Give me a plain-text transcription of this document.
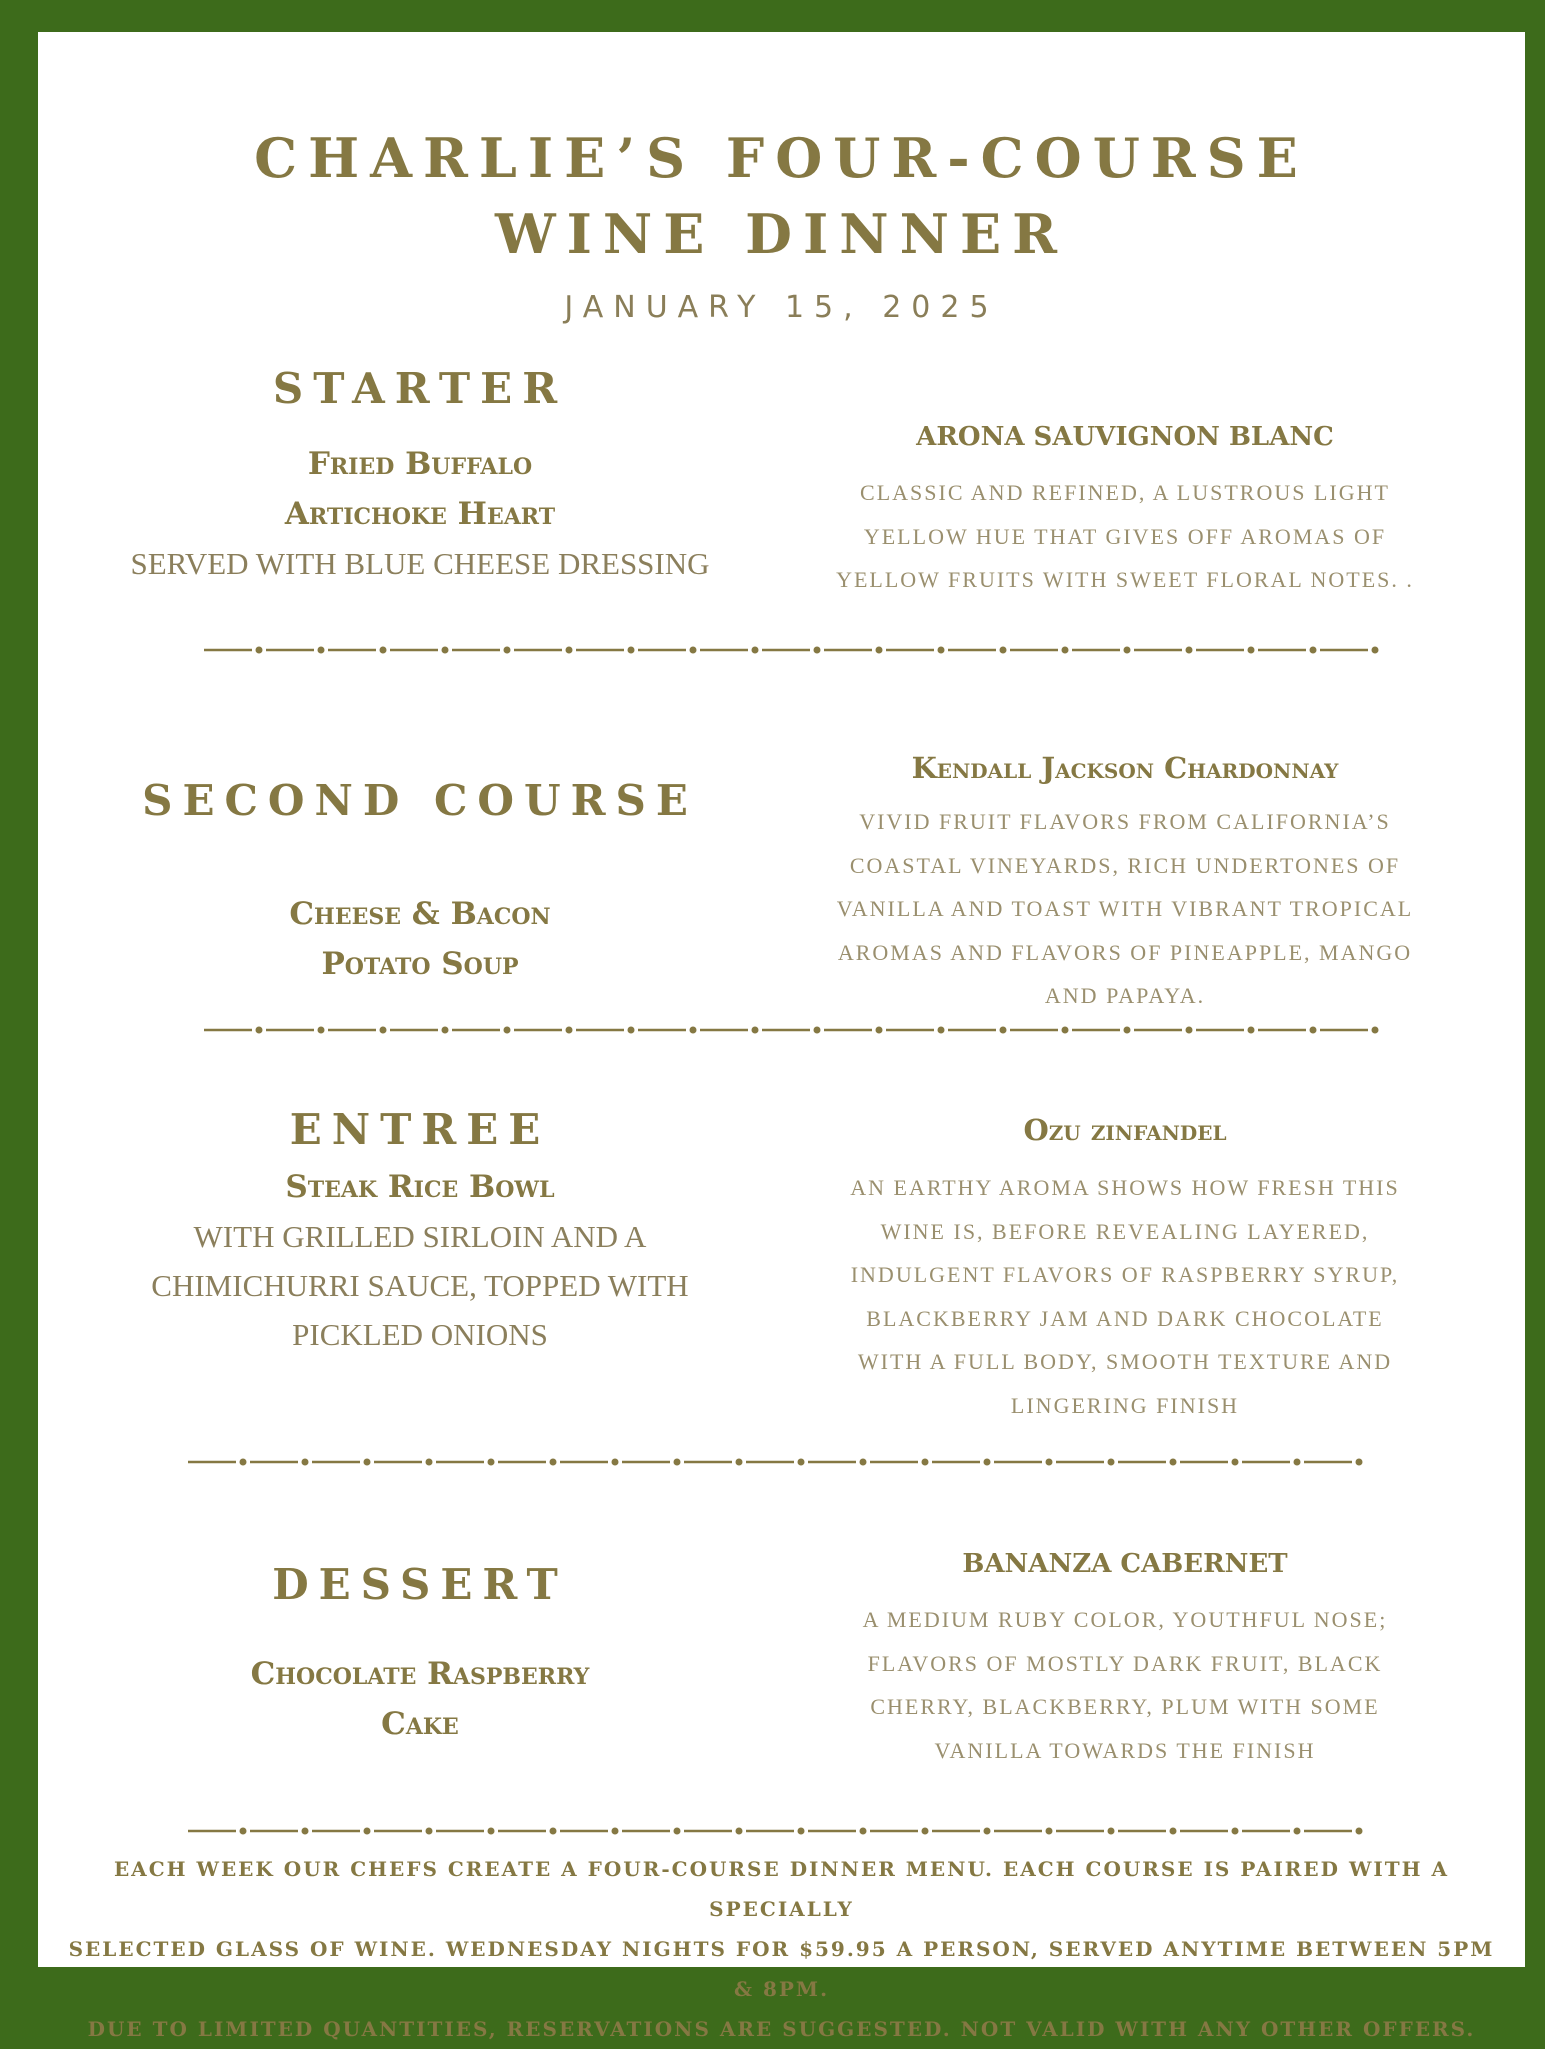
CHARLIE’S FOUR-COURSE
WINE DINNER
JANUARY 15, 2025
STARTER

Fried Buffalo

Artichoke Heart

SERVED WITH BLUE CHEESE DRESSING

ARONA SAUVIGNON BLANC

CLASSIC AND REFINED, A LUSTROUS LIGHT

YELLOW HUE THAT GIVES OFF AROMAS OF

YELLOW FRUITS WITH SWEET FLORAL NOTES. .

SECOND COURSE

Cheese & Bacon

Potato Soup

Kendall Jackson Chardonnay

VIVID FRUIT FLAVORS FROM CALIFORNIA’S

COASTAL VINEYARDS, RICH UNDERTONES OF

VANILLA AND TOAST WITH VIBRANT TROPICAL

AROMAS AND FLAVORS OF PINEAPPLE, MANGO

AND PAPAYA.

ENTREE

Steak Rice Bowl

WITH GRILLED SIRLOIN AND A

CHIMICHURRI SAUCE, TOPPED WITH

PICKLED ONIONS

Ozu zinfandel

AN EARTHY AROMA SHOWS HOW FRESH THIS

WINE IS, BEFORE REVEALING LAYERED,

INDULGENT FLAVORS OF RASPBERRY SYRUP,

BLACKBERRY JAM AND DARK CHOCOLATE

WITH A FULL BODY, SMOOTH TEXTURE AND

LINGERING FINISH

DESSERT

Chocolate Raspberry

Cake

BANANZA CABERNET

A MEDIUM RUBY COLOR, YOUTHFUL NOSE;

FLAVORS OF MOSTLY DARK FRUIT, BLACK

CHERRY, BLACKBERRY, PLUM WITH SOME

VANILLA TOWARDS THE FINISH

EACH WEEK OUR CHEFS CREATE A FOUR-COURSE DINNER MENU. EACH COURSE IS PAIRED WITH A SPECIALLY
SELECTED GLASS OF WINE. WEDNESDAY NIGHTS FOR $59.95 A PERSON, SERVED ANYTIME BETWEEN 5PM & 8PM.
DUE TO LIMITED QUANTITIES, RESERVATIONS ARE SUGGESTED. NOT VALID WITH ANY OTHER OFFERS.
